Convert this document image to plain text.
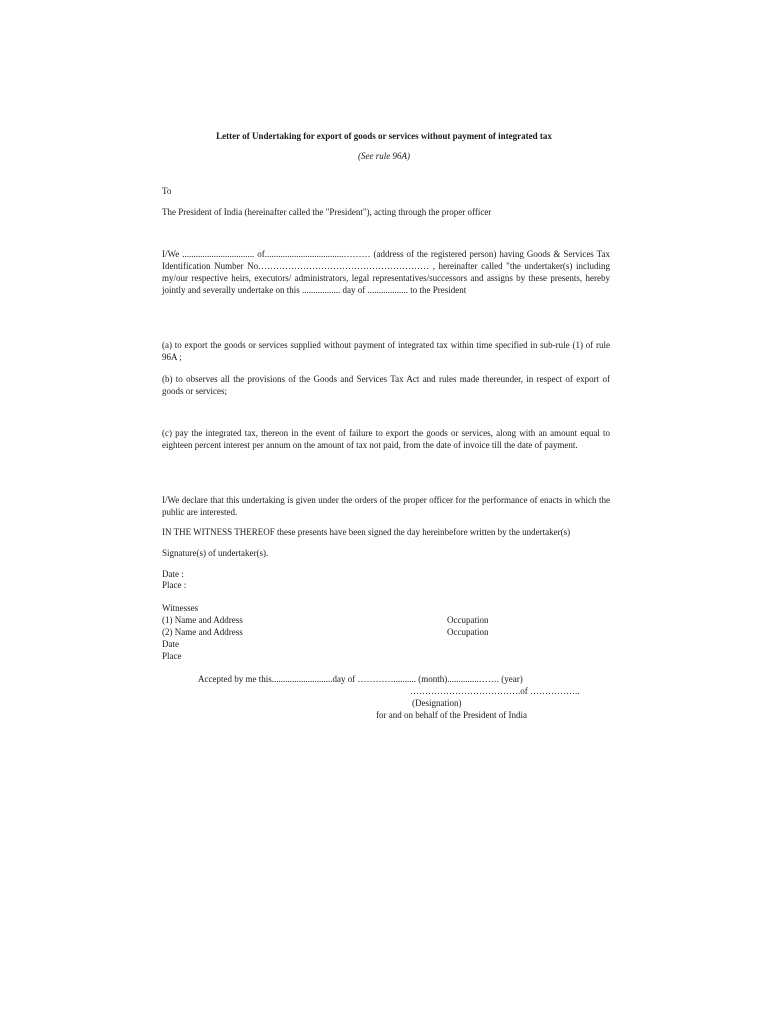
Letter of Undertaking for export of goods or services without payment of integrated tax
(See rule 96A)
To
The President of India (hereinafter called the "President"), acting through the proper officer
I/We ................................ of...................................……… (address of the registered person) having Goods & Services Tax Identification Number No………………………………………………… , hereinafter called "the undertaker(s) including my/our respective heirs, executors/ administrators, legal representatives/successors and assigns by these presents, hereby jointly and severally undertake on this ................. day of .................. to the President
(a) to export the goods or services supplied without payment of integrated tax within time specified in sub-rule (1) of rule 96A ;
(b) to observes all the provisions of the Goods and Services Tax Act and rules made thereunder, in respect of export of goods or services;
(c) pay the integrated tax, thereon in the event of failure to export the goods or services, along with an amount equal to eighteen percent interest per annum on the amount of tax not paid, from the date of invoice till the date of payment.
I/We declare that this undertaking is given under the orders of the proper officer for the performance of enacts in which the public are interested.
IN THE WITNESS THEREOF these presents have been signed the day hereinbefore written by the undertaker(s)
Signature(s) of undertaker(s).
Date :
Place :
Witnesses
(1) Name and Address	Occupation
(2) Name and Address	Occupation
Date
Place
Accepted by me this...........................day of ………….......... (month)..............……. (year)
……………………………….of ……………..
(Designation)
for and on behalf of the President of India
